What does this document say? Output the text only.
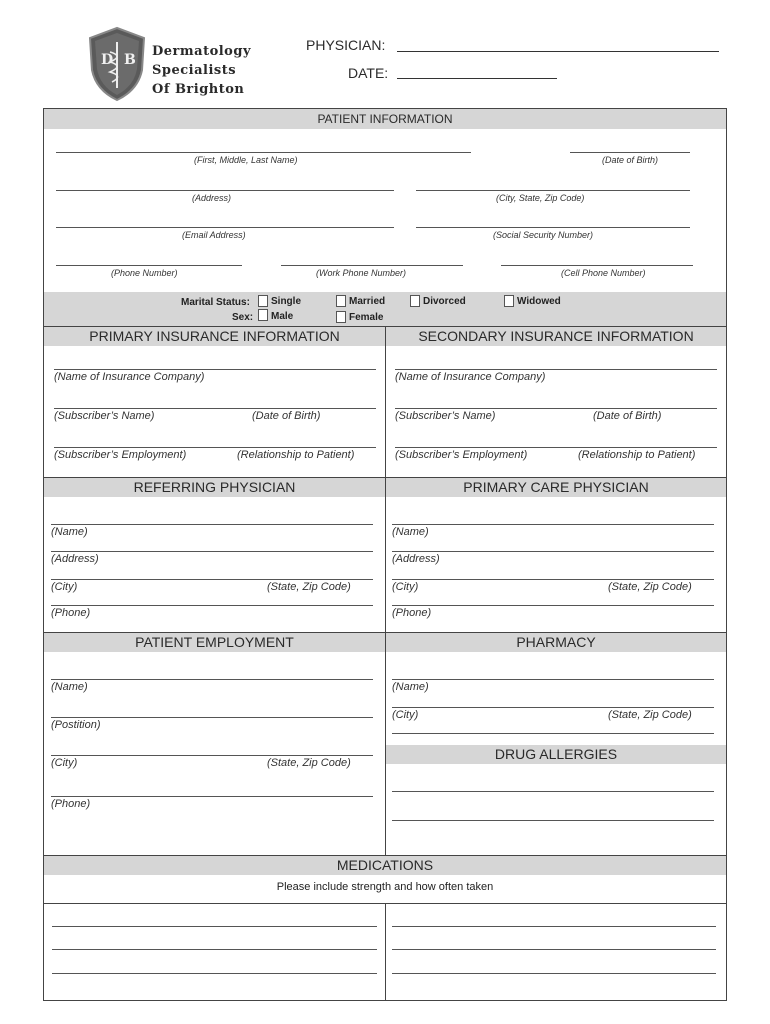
D B
Dermatology
Specialists
Of Brighton
PHYSICIAN:
DATE:
PATIENT INFORMATION
(First, Middle, Last Name)	(Date of Birth)
(Address)	(City, State, Zip Code)
(Email Address)	(Social Security Number)
(Phone Number)	(Work Phone Number)	(Cell Phone Number)
Marital Status: Single	Married	Divorced	Widowed
Sex: Male	Female
PRIMARY INSURANCE INFORMATION	SECONDARY INSURANCE INFORMATION
(Name of Insurance Company)
(Subscriber’s Name)	(Date of Birth)
(Subscriber’s Employment)	(Relationship to Patient)
(Name of Insurance Company)
(Subscriber’s Name)	(Date of Birth)
(Subscriber’s Employment)	(Relationship to Patient)
REFERRING PHYSICIAN	PRIMARY CARE PHYSICIAN
(Name)
(Address)
(City)	(State, Zip Code)
(Phone)
(Name)
(Address)
(City)	(State, Zip Code)
(Phone)
PATIENT EMPLOYMENT	PHARMACY
(Name)
(Postition)
(City)	(State, Zip Code)
(Phone)
(Name)
(City)	(State, Zip Code)
DRUG ALLERGIES
MEDICATIONS
Please include strength and how often taken
